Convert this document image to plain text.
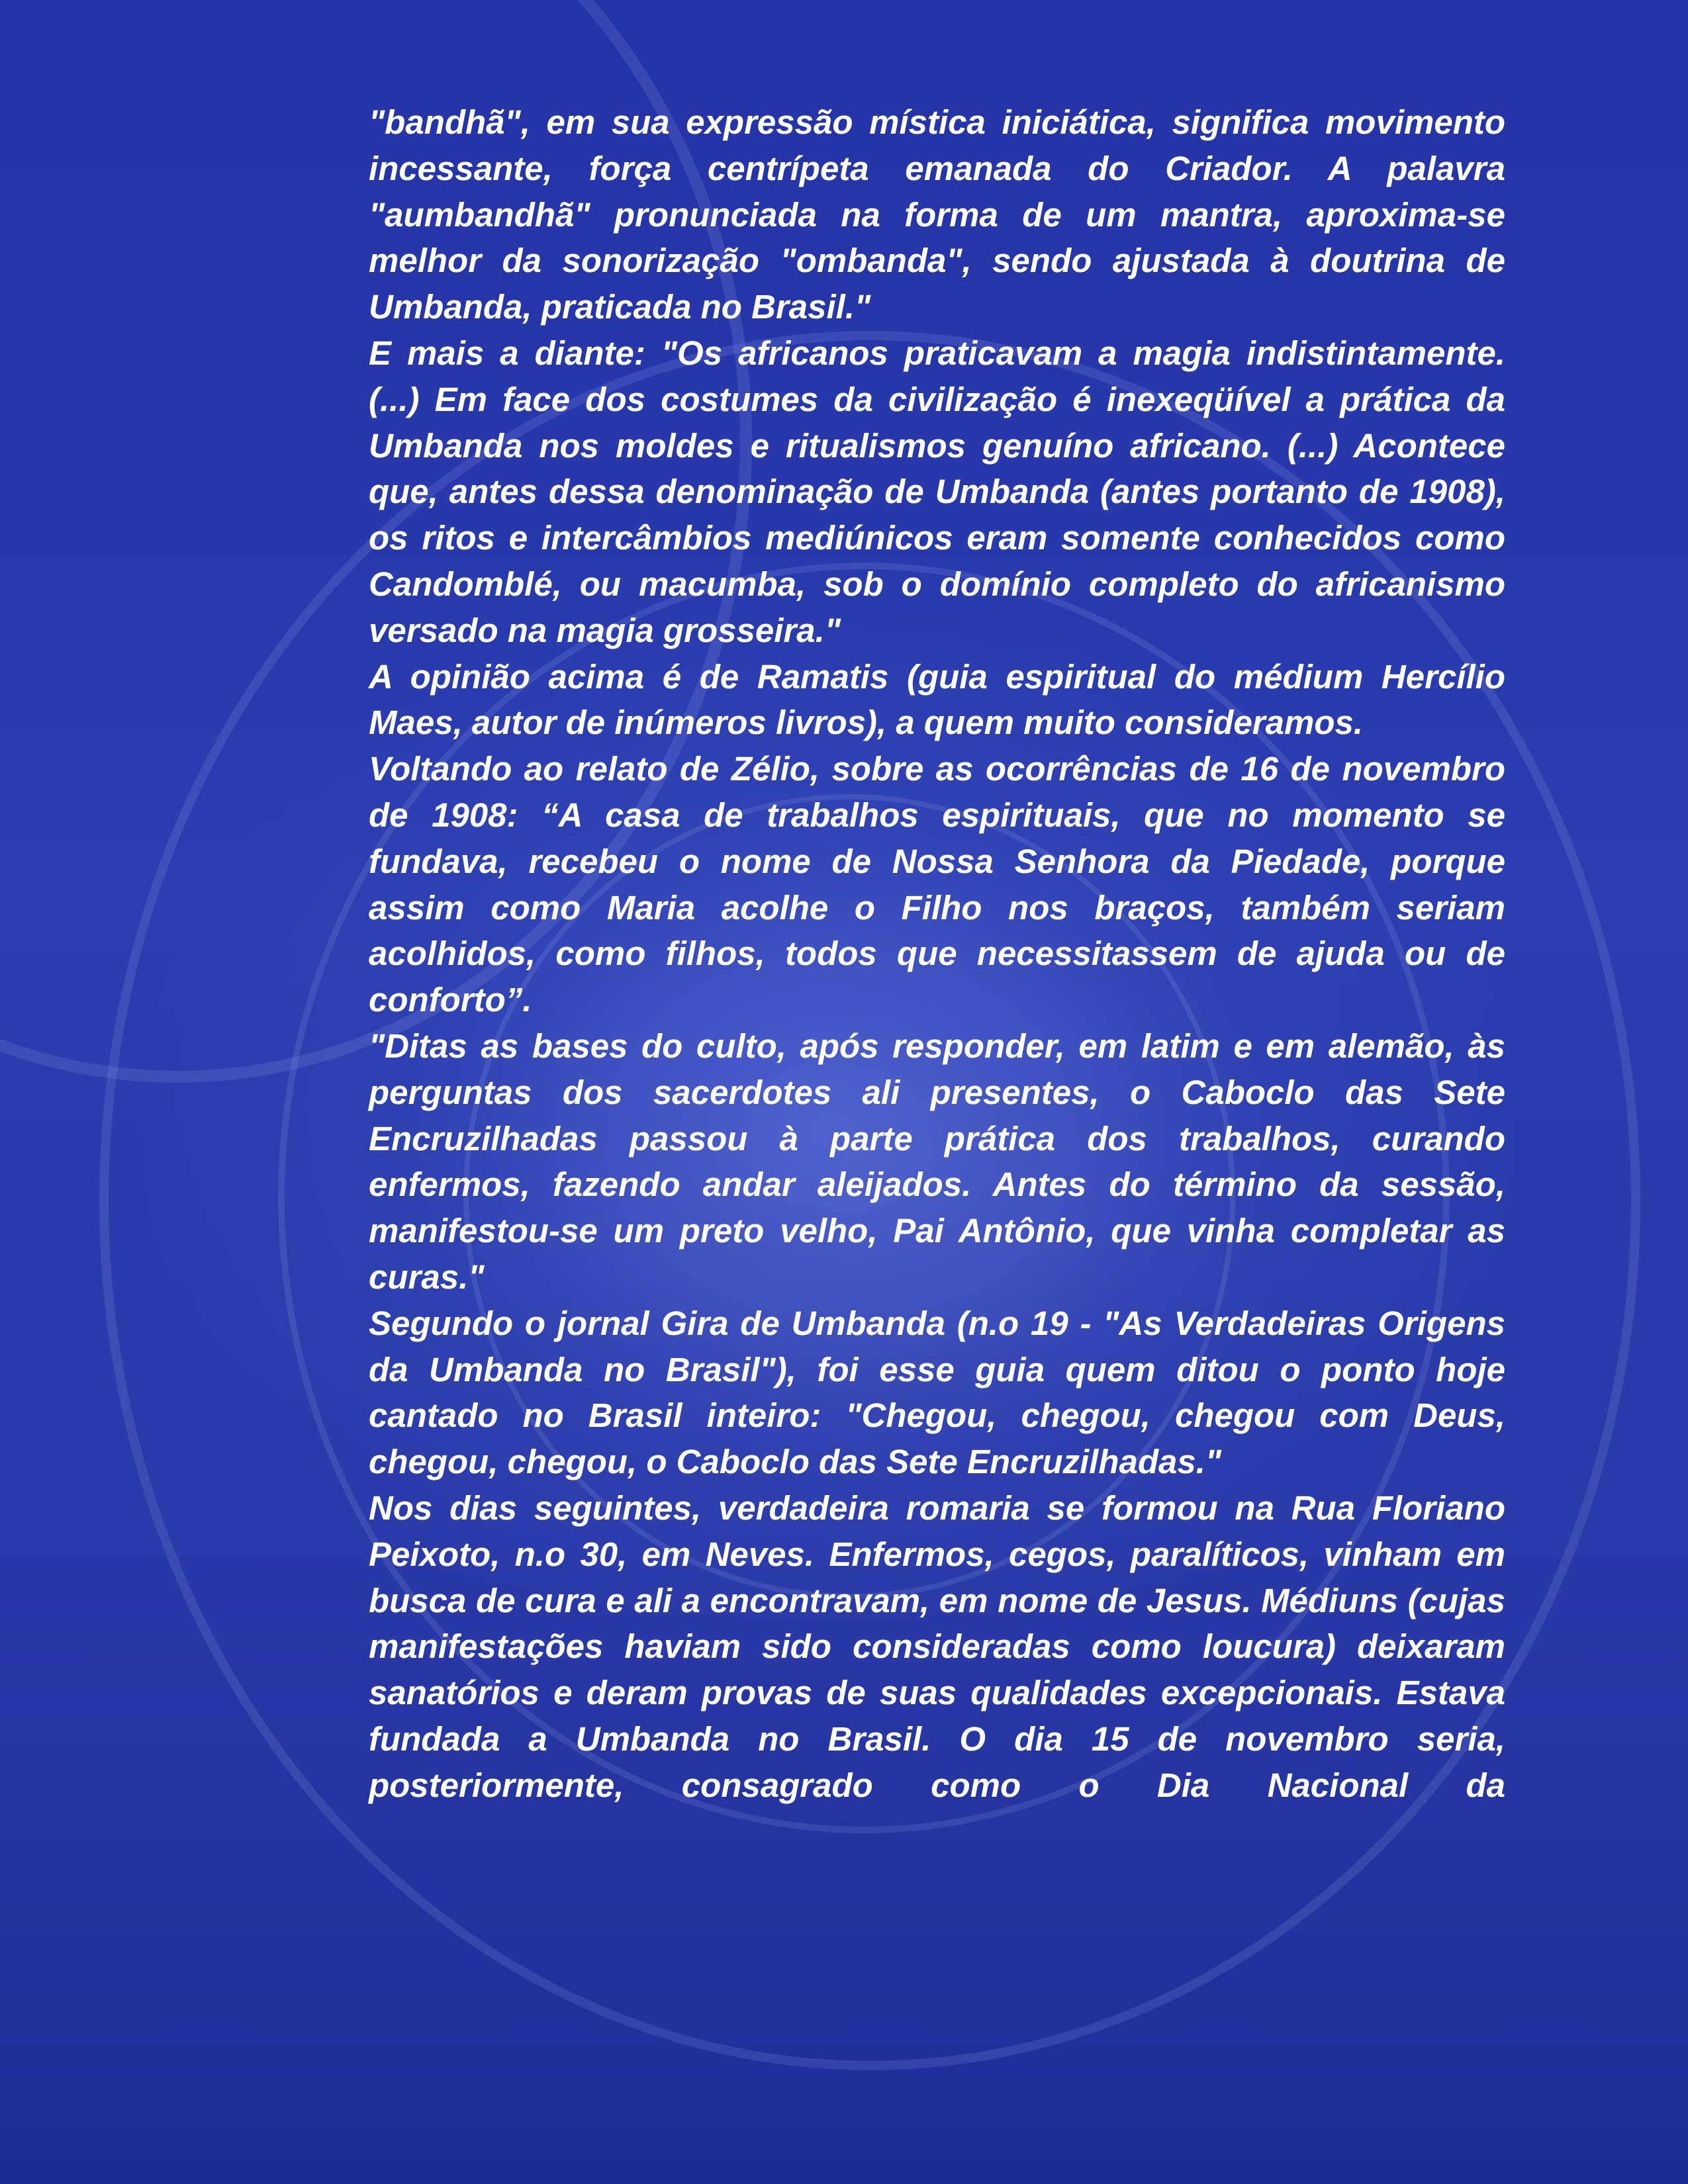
"bandhã", em sua expressão mística iniciática, significa movimento incessante, força centrípeta emanada do Criador. A palavra "aumbandhã" pronunciada na forma de um mantra, aproxima-se melhor da sonorização "ombanda", sendo ajustada à doutrina de Umbanda, praticada no Brasil."

E mais a diante: "Os africanos praticavam a magia indistintamente. (...) Em face dos costumes da civilização é inexeqüível a prática da Umbanda nos moldes e ritualismos genuíno africano. (...) Acontece que, antes dessa denominação de Umbanda (antes portanto de 1908), os ritos e intercâmbios mediúnicos eram somente conhecidos como Candomblé, ou macumba, sob o domínio completo do africanismo versado na magia grosseira."

A opinião acima é de Ramatis (guia espiritual do médium Hercílio Maes, autor de inúmeros livros), a quem muito consideramos.

Voltando ao relato de Zélio, sobre as ocorrências de 16 de novembro de 1908: “A casa de trabalhos espirituais, que no momento se fundava, recebeu o nome de Nossa Senhora da Piedade, porque assim como Maria acolhe o Filho nos braços, também seriam acolhidos, como filhos, todos que necessitassem de ajuda ou de conforto”.

"Ditas as bases do culto, após responder, em latim e em alemão, às perguntas dos sacerdotes ali presentes, o Caboclo das Sete Encruzilhadas passou à parte prática dos trabalhos, curando enfermos, fazendo andar aleijados. Antes do término da sessão, manifestou-se um preto velho, Pai Antônio, que vinha completar as curas."

Segundo o jornal Gira de Umbanda (n.o 19 - "As Verdadeiras Origens da Umbanda no Brasil"), foi esse guia quem ditou o ponto hoje cantado no Brasil inteiro: "Chegou, chegou, chegou com Deus, chegou, chegou, o Caboclo das Sete Encruzilhadas."

Nos dias seguintes, verdadeira romaria se formou na Rua Floriano Peixoto, n.o 30, em Neves. Enfermos, cegos, paralíticos, vinham em busca de cura e ali a encontravam, em nome de Jesus. Médiuns (cujas manifestações haviam sido consideradas como loucura) deixaram sanatórios e deram provas de suas qualidades excepcionais. Estava fundada a Umbanda no Brasil. O dia 15 de novembro seria, posteriormente, consagrado como o Dia Nacional da
